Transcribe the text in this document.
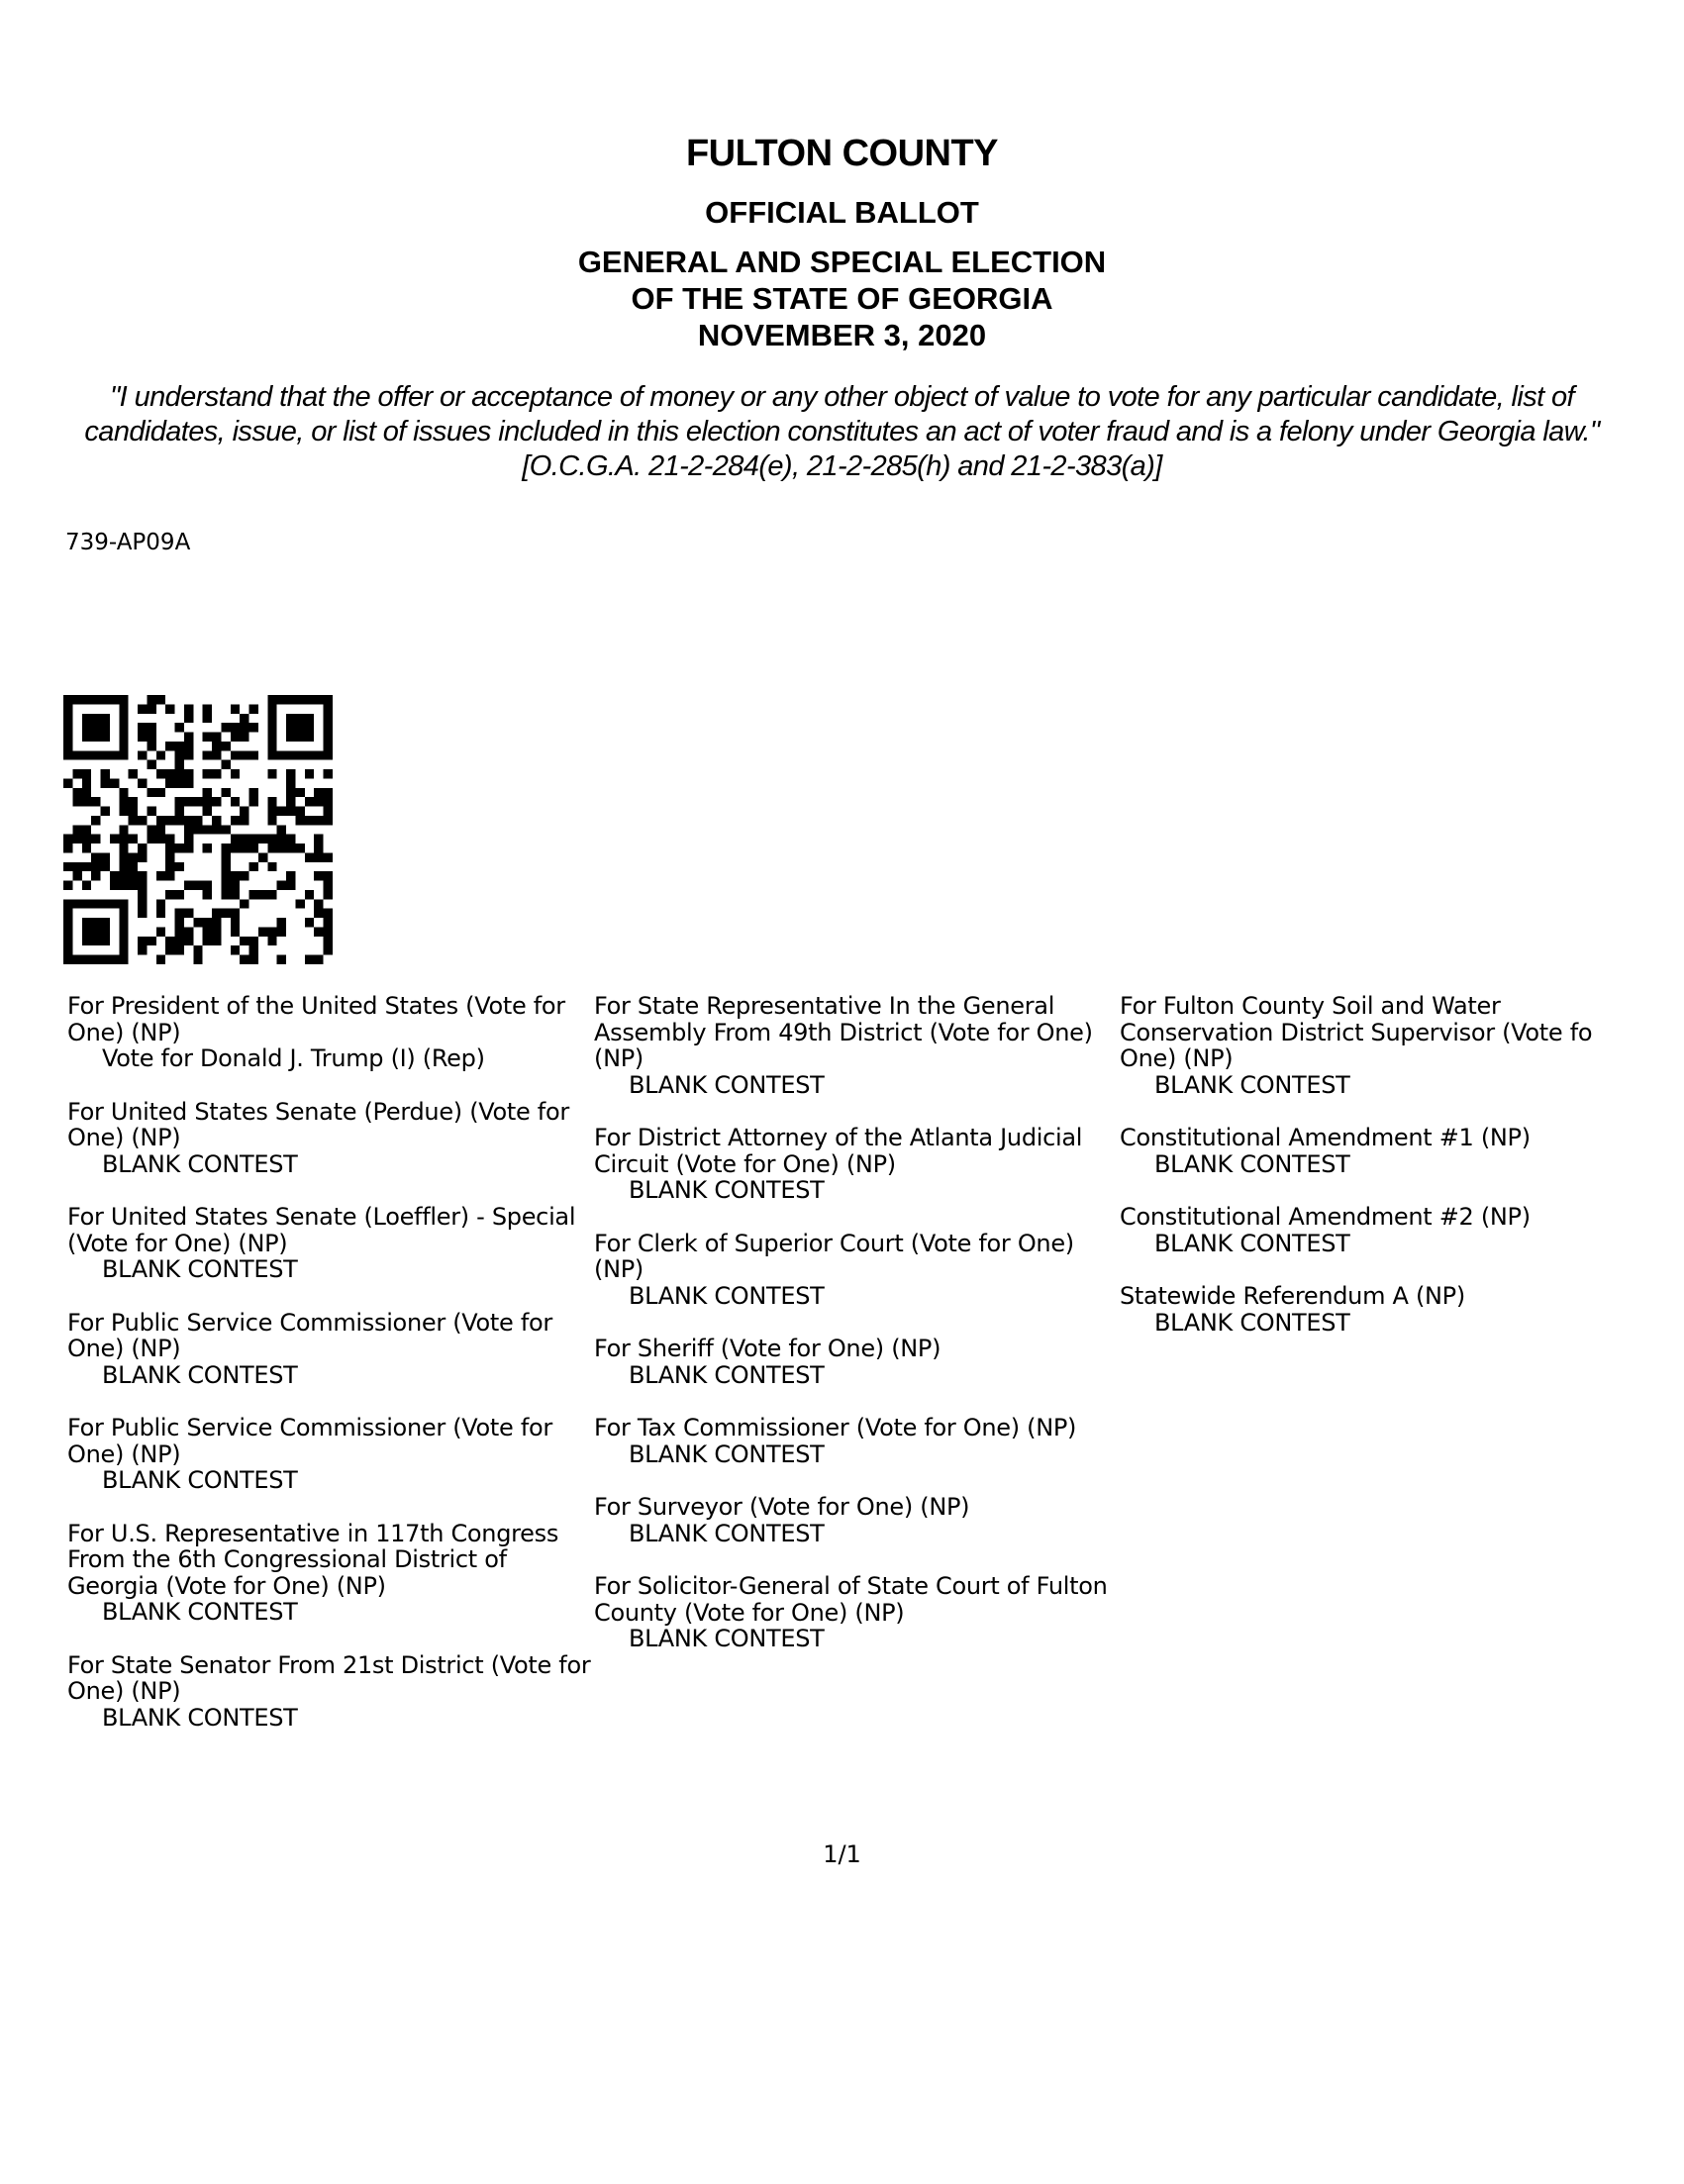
FULTON COUNTY
OFFICIAL BALLOT
GENERAL AND SPECIAL ELECTION
OF THE STATE OF GEORGIA
NOVEMBER 3, 2020
"I understand that the offer or acceptance of money or any other object of value to vote for any particular candidate, list of candidates, issue, or list of issues included in this election constitutes an act of voter fraud and is a felony under Georgia law." [O.C.G.A. 21-2-284(e), 21-2-285(h) and 21-2-383(a)]
739-AP09A
For President of the United States (Vote for One) (NP)
Vote for Donald J. Trump (I) (Rep)
For United States Senate (Perdue) (Vote for One) (NP)
BLANK CONTEST
For United States Senate (Loeffler) - Special (Vote for One) (NP)
BLANK CONTEST
For Public Service Commissioner (Vote for One) (NP)
BLANK CONTEST
For Public Service Commissioner (Vote for One) (NP)
BLANK CONTEST
For U.S. Representative in 117th Congress From the 6th Congressional District of Georgia (Vote for One) (NP)
BLANK CONTEST
For State Senator From 21st District (Vote for One) (NP)
BLANK CONTEST
For State Representative In the General Assembly From 49th District (Vote for One) (NP)
BLANK CONTEST
For District Attorney of the Atlanta Judicial Circuit (Vote for One) (NP)
BLANK CONTEST
For Clerk of Superior Court (Vote for One) (NP)
BLANK CONTEST
For Sheriff (Vote for One) (NP)
BLANK CONTEST
For Tax Commissioner (Vote for One) (NP)
BLANK CONTEST
For Surveyor (Vote for One) (NP)
BLANK CONTEST
For Solicitor-General of State Court of Fulton County (Vote for One) (NP)
BLANK CONTEST
For Fulton County Soil and Water
Conservation District Supervisor (Vote fo
One) (NP)
BLANK CONTEST
Constitutional Amendment #1 (NP)
BLANK CONTEST
Constitutional Amendment #2 (NP)
BLANK CONTEST
Statewide Referendum A (NP)
BLANK CONTEST
1/1
